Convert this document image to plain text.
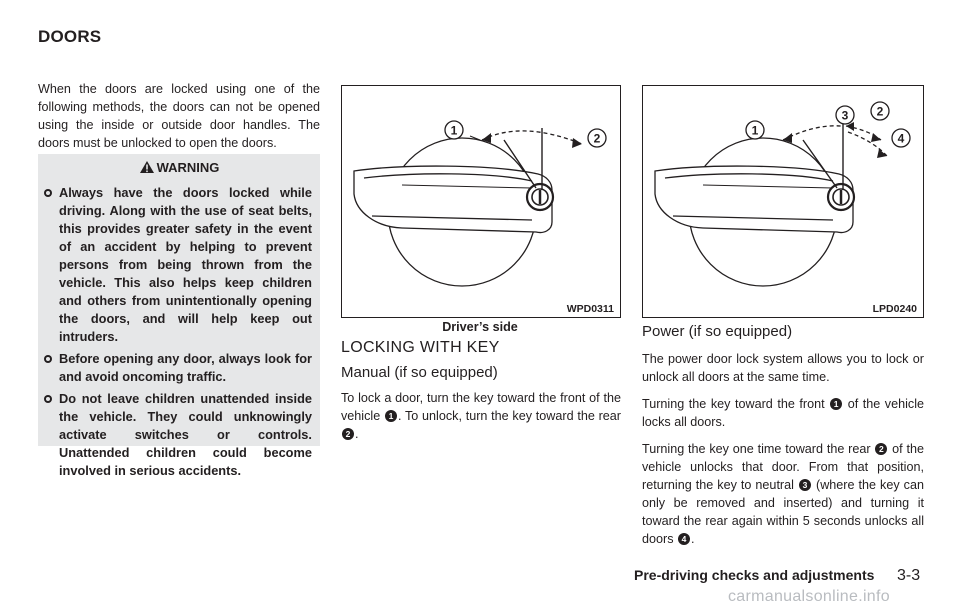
DOORS
When the doors are locked using one of the following methods, the doors can not be opened using the inside or outside door handles. The doors must be unlocked to open the doors.
WARNING
Always have the doors locked while driving. Along with the use of seat belts, this provides greater safety in the event of an accident by helping to prevent persons from being thrown from the vehicle. This also helps keep children and others from unintentionally opening the doors, and will help keep out intruders.
Before opening any door, always look for and avoid oncoming traffic.
Do not leave children unattended inside the vehicle. They could unknowingly activate switches or controls. Unattended children could become involved in serious accidents.
1
2
WPD0311
Driver’s side
1
3 2
4
LPD0240
LOCKING WITH KEY
Manual (if so equipped)
To lock a door, turn the key toward the front of the vehicle 1 . To unlock, turn the key toward the rear 2 .
Power (if so equipped)

The power door lock system allows you to lock or unlock all doors at the same time.

Turning the key toward the front 1 of the vehicle locks all doors.

Turning the key one time toward the rear 2 of the vehicle unlocks that door. From that position, returning the key to neutral 3 (where the key can only be removed and inserted) and turning it toward the rear again within 5 seconds unlocks all doors 4 .

Pre-driving checks and adjustments 3-3
carmanualsonline.info
